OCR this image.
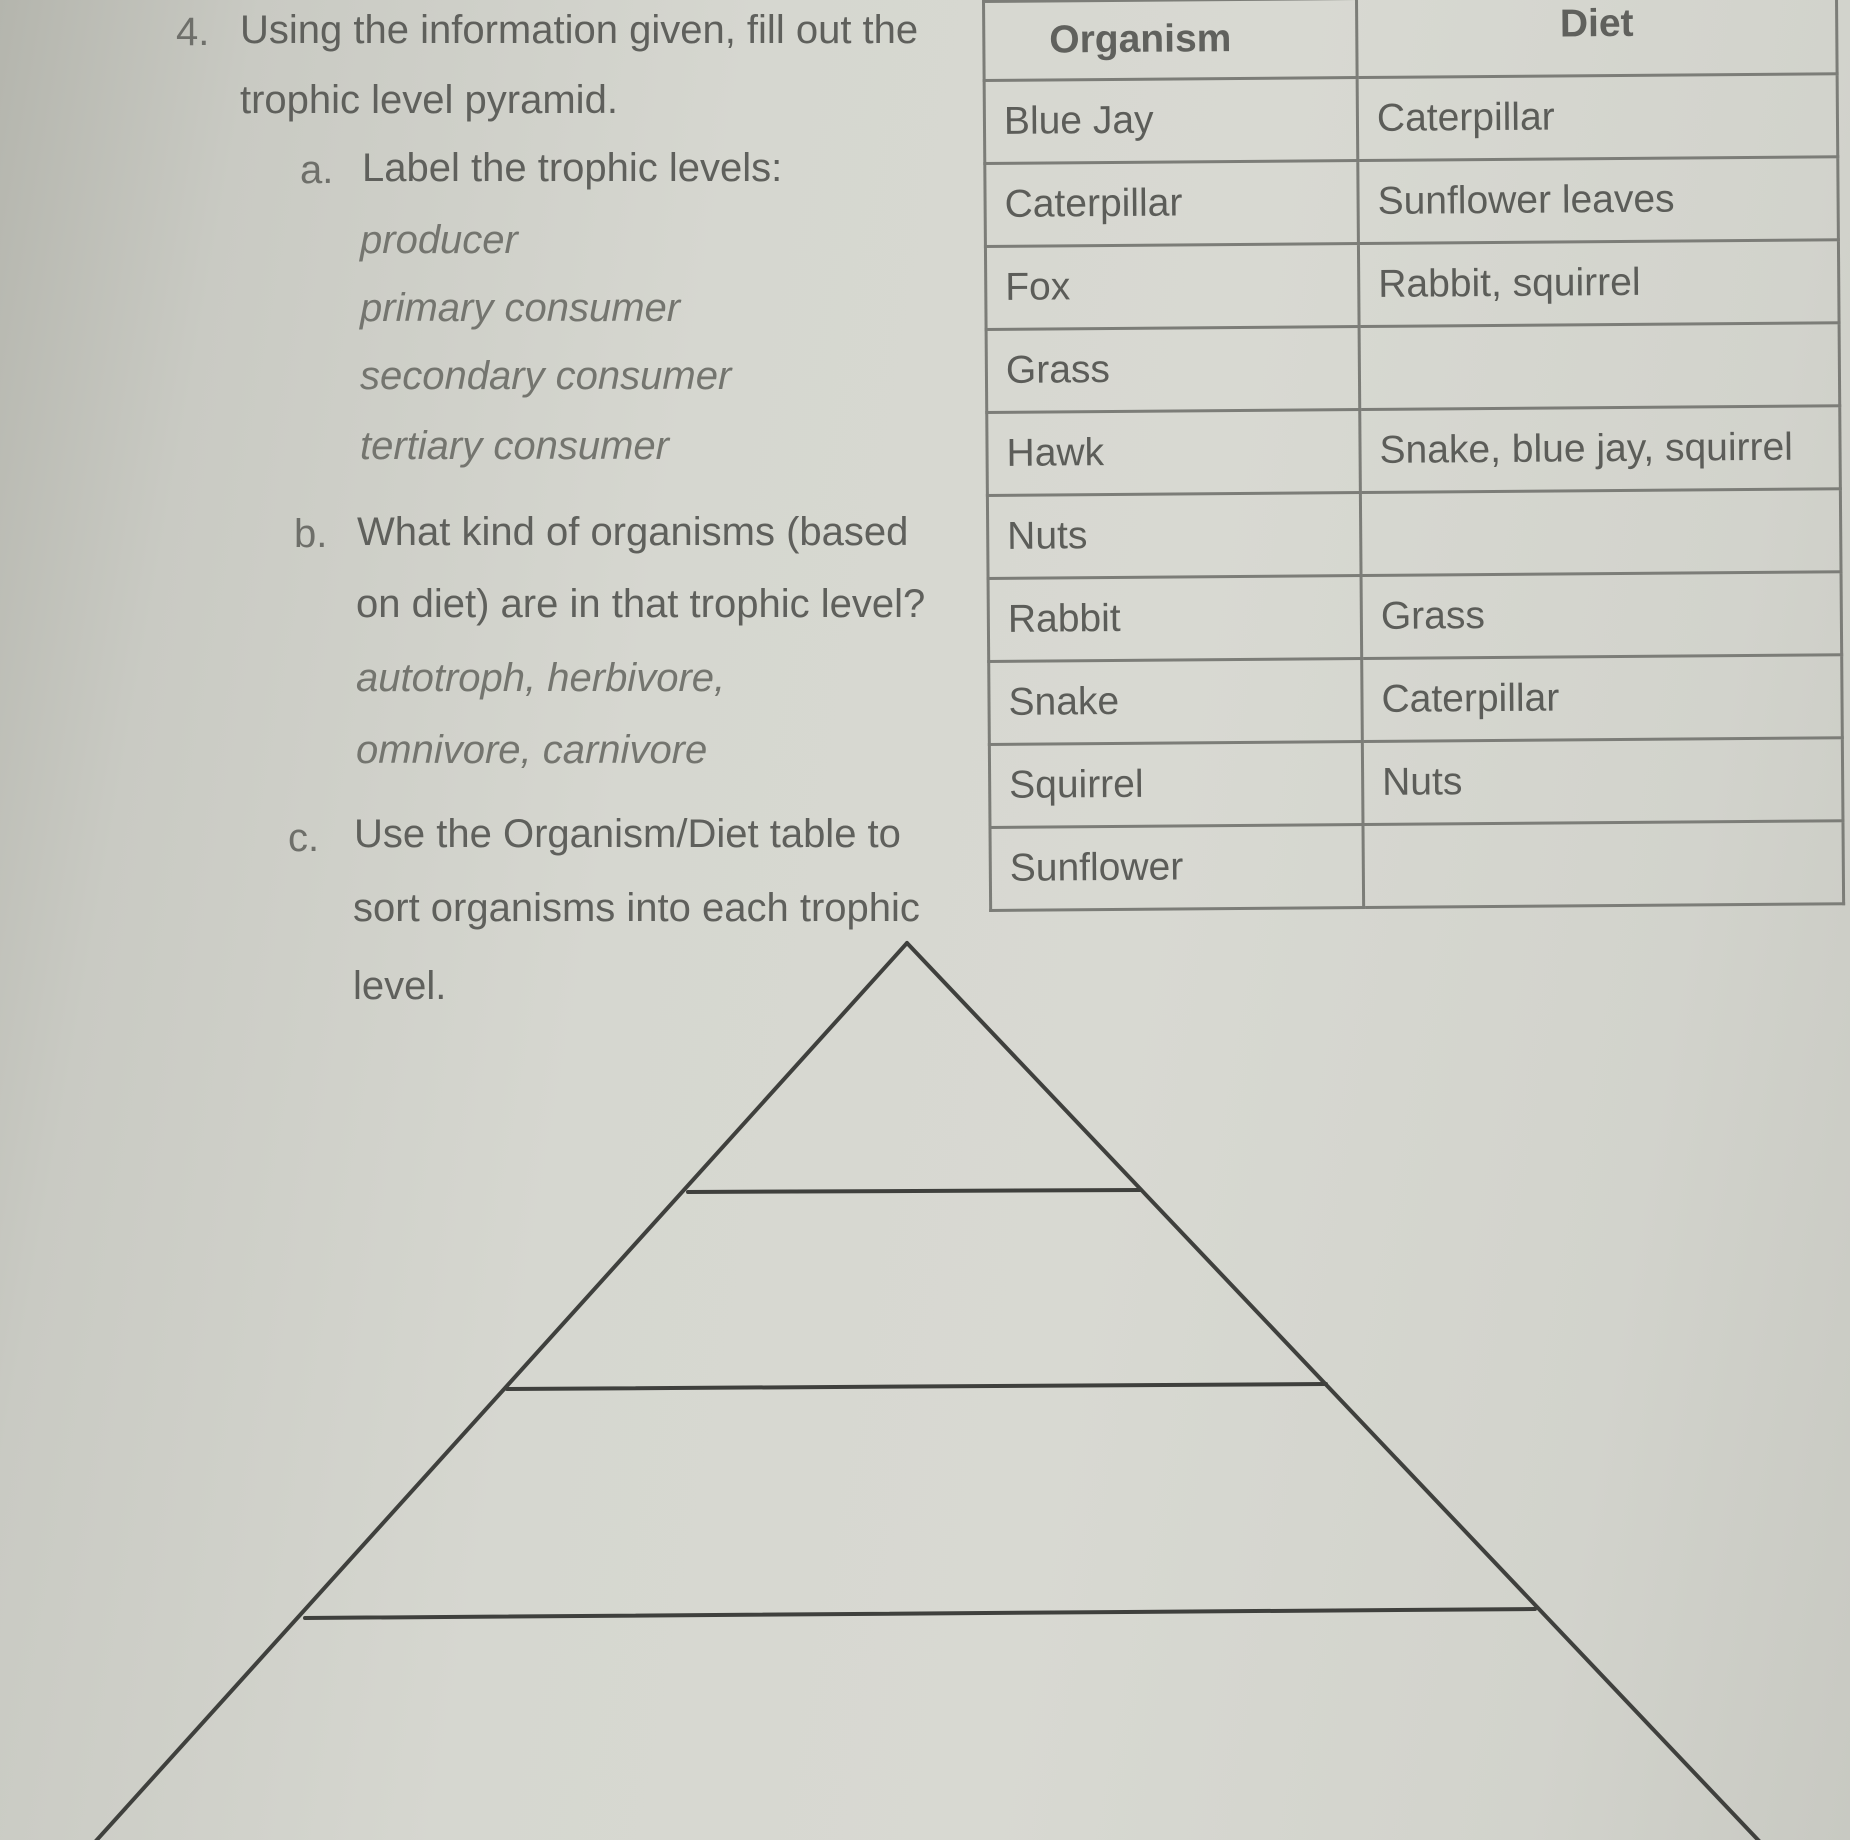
4. Using the information given, fill out the
trophic level pyramid.
a. Label the trophic levels:
producer
primary consumer
secondary consumer
tertiary consumer
b. What kind of organisms (based
on diet) are in that trophic level?
autotroph, herbivore,
omnivore, carnivore
c. Use the Organism/Diet table to
sort organisms into each trophic
level.
Organism	Diet
Blue Jay	Caterpillar
Caterpillar	Sunflower leaves
Fox	Rabbit, squirrel
Grass	
Hawk	Snake, blue jay, squirrel
Nuts	
Rabbit	Grass
Snake	Caterpillar
Squirrel	Nuts
Sunflower	
